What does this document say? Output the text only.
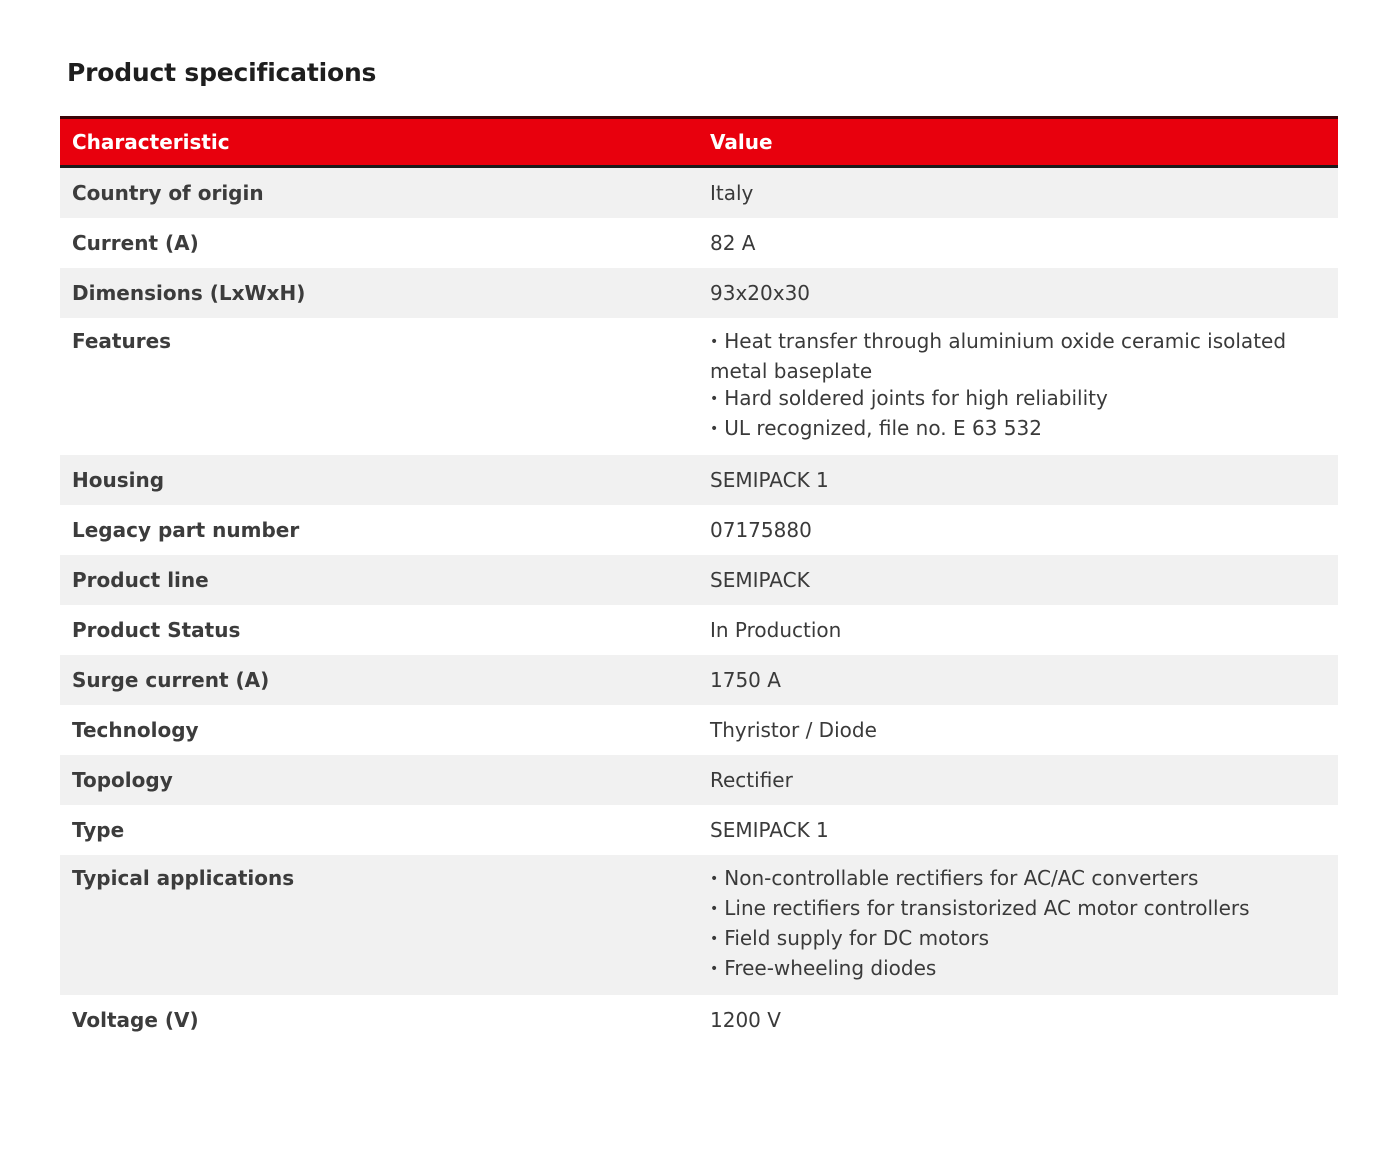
Product specifications
Characteristic	Value
Country of origin	Italy
Current (A)	82 A
Dimensions (LxWxH)	93x20x30
Features	• Heat transfer through aluminium oxide ceramic isolated
metal baseplate
• Hard soldered joints for high reliability
• UL recognized, file no. E 63 532

Housing	SEMIPACK 1
Legacy part number	07175880
Product line	SEMIPACK
Product Status	In Production
Surge current (A)	1750 A
Technology	Thyristor / Diode
Topology	Rectifier
Type	SEMIPACK 1
Typical applications	• Non-controllable rectifiers for AC/AC converters
• Line rectifiers for transistorized AC motor controllers
• Field supply for DC motors
• Free-wheeling diodes

Voltage (V)	1200 V
